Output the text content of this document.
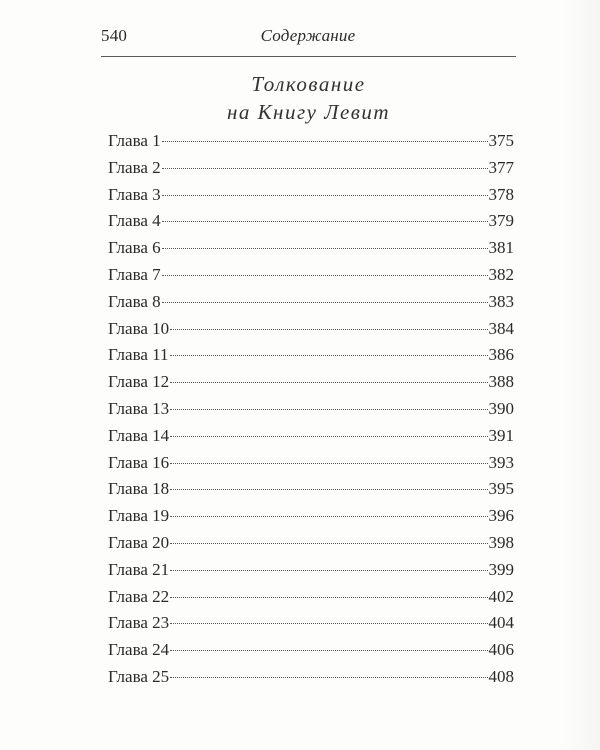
540	Содержание
Толкование
на Книгу Левит
Глава 1	375
Глава 2	377
Глава 3	378
Глава 4	379
Глава 6	381
Глава 7	382
Глава 8	383
Глава 10	384
Глава 11	386
Глава 12	388
Глава 13	390
Глава 14	391
Глава 16	393
Глава 18	395
Глава 19	396
Глава 20	398
Глава 21	399
Глава 22	402
Глава 23	404
Глава 24	406
Глава 25	408
